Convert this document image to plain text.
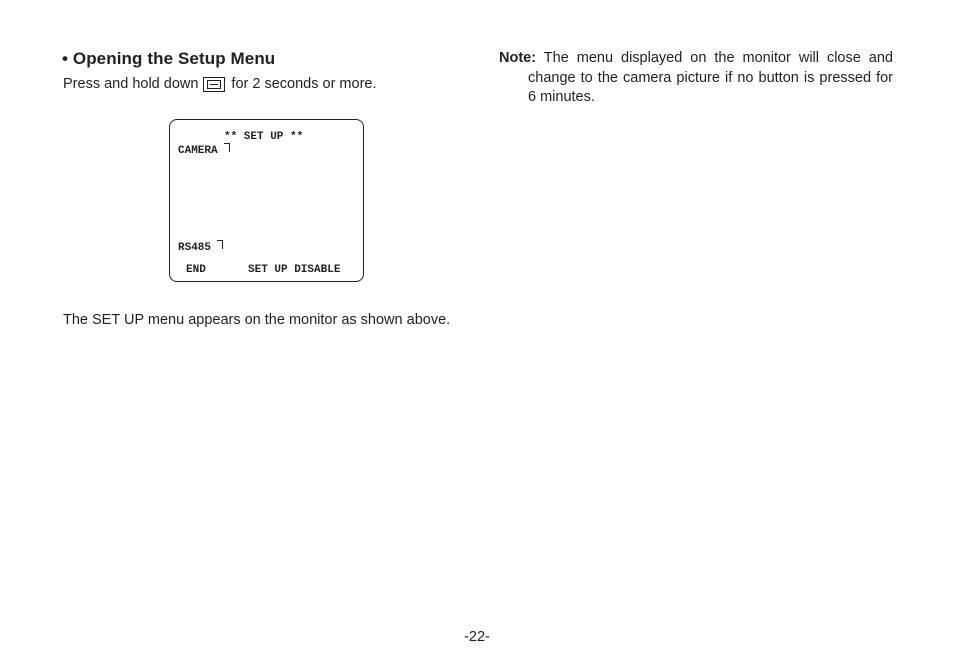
• Opening the Setup Menu
Press and hold down for 2 seconds or more.
** SET UP **
CAMERA
RS485
END	SET UP DISABLE
The SET UP menu appears on the monitor as shown above.
Note: The menu displayed on the monitor will close and change to the camera picture if no button is pressed for 6 minutes.
-22-
